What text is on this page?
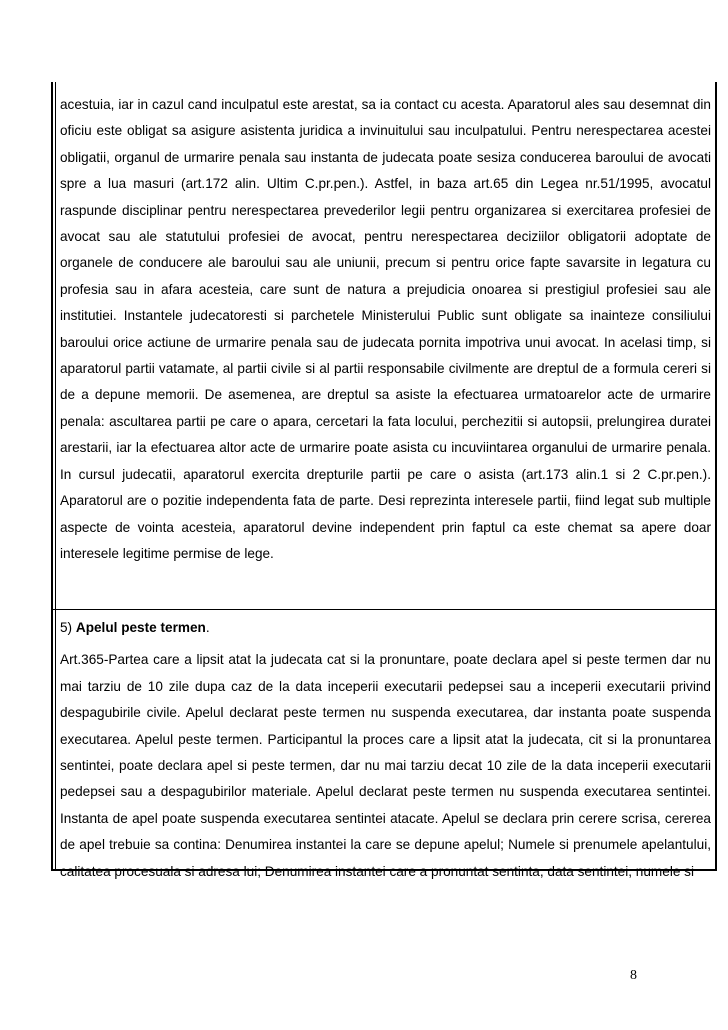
acestuia, iar in cazul cand inculpatul este arestat, sa ia contact cu acesta. Aparatorul ales sau desemnat din oficiu este obligat sa asigure asistenta juridica a invinuitului sau inculpatului. Pentru nerespectarea acestei obligatii, organul de urmarire penala sau instanta de judecata poate sesiza conducerea baroului de avocati spre a lua masuri (art.172 alin. Ultim C.pr.pen.). Astfel, in baza art.65 din Legea nr.51/1995, avocatul raspunde disciplinar pentru nerespectarea prevederilor legii pentru organizarea si exercitarea profesiei de avocat sau ale statutului profesiei de avocat, pentru nerespectarea deciziilor obligatorii adoptate de organele de conducere ale baroului sau ale uniunii, precum si pentru orice fapte savarsite in legatura cu profesia sau in afara acesteia, care sunt de natura a prejudicia onoarea si prestigiul profesiei sau ale institutiei. Instantele judecatoresti si parchetele Ministerului Public sunt obligate sa inainteze consiliului baroului orice actiune de urmarire penala sau de judecata pornita impotriva unui avocat. In acelasi timp, si aparatorul partii vatamate, al partii civile si al partii responsabile civilmente are dreptul de a formula cereri si de a depune memorii. De asemenea, are dreptul sa asiste la efectuarea urmatoarelor acte de urmarire penala: ascultarea partii pe care o apara, cercetari la fata locului, perchezitii si autopsii, prelungirea duratei arestarii, iar la efectuarea altor acte de urmarire poate asista cu incuviintarea organului de urmarire penala. In cursul judecatii, aparatorul exercita drepturile partii pe care o asista (art.173 alin.1 si 2 C.pr.pen.). Aparatorul are o pozitie independenta fata de parte. Desi reprezinta interesele partii, fiind legat sub multiple aspecte de vointa acesteia, aparatorul devine independent prin faptul ca este chemat sa apere doar interesele legitime permise de lege.

5) Apelul peste termen.

Art.365-Partea care a lipsit atat la judecata cat si la pronuntare, poate declara apel si peste termen dar nu mai tarziu de 10 zile dupa caz de la data inceperii executarii pedepsei sau a inceperii executarii privind despagubirile civile. Apelul declarat peste termen nu suspenda executarea, dar instanta poate suspenda executarea. Apelul peste termen. Participantul la proces care a lipsit atat la judecata, cit si la pronuntarea sentintei, poate declara apel si peste termen, dar nu mai tarziu decat 10 zile de la data inceperii executarii pedepsei sau a despagubirilor materiale. Apelul declarat peste termen nu suspenda executarea sentintei. Instanta de apel poate suspenda executarea sentintei atacate. Apelul se declara prin cerere scrisa, cererea de apel trebuie sa contina: Denumirea instantei la care se depune apelul; Numele si prenumele apelantului, calitatea procesuala si adresa lui; Denumirea instantei care a pronuntat sentinta, data sentintei, numele si

8
